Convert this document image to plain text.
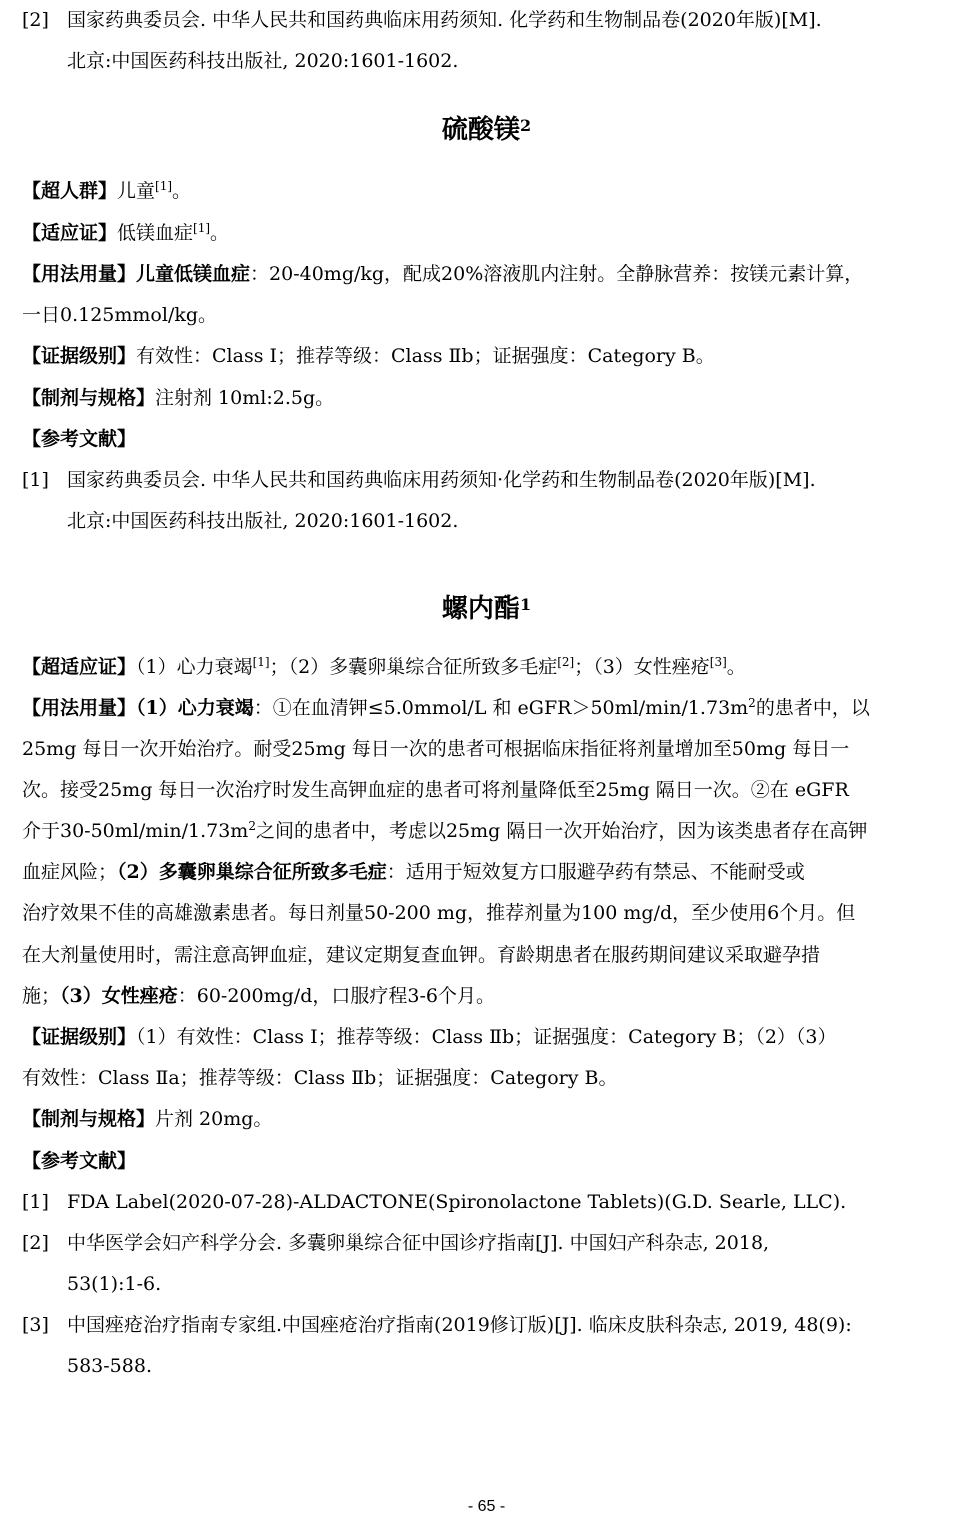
[2] 国家药典委员会. 中华人民共和国药典临床用药须知. 化学药和生物制品卷(2020年版)[M].
北京:中国医药科技出版社, 2020:1601-1602.
硫酸镁$^2$
【超人群】儿童[1]。
【适应证】低镁血症[1]。
【用法用量】儿童低镁血症：20-40mg/kg，配成20%溶液肌内注射。全静脉营养：按镁元素计算，
一日0.125mmol/kg。
【证据级别】有效性：Class I；推荐等级：Class Ⅱb；证据强度：Category B。
【制剂与规格】注射剂 10ml:2.5g。
【参考文献】
[1] 国家药典委员会. 中华人民共和国药典临床用药须知·化学药和生物制品卷(2020年版)[M].
北京:中国医药科技出版社, 2020:1601-1602.
螺内酯$^1$
【超适应证】（1）心力衰竭[1]；（2）多囊卵巢综合征所致多毛症[2]；（3）女性痤疮[3]。
【用法用量】（1）心力衰竭：①在血清钾≤5.0mmol/L 和 $eGFR>50ml/\min/1.73m^2$的患者中，以
25mg 每日一次开始治疗。耐受25mg 每日一次的患者可根据临床指征将剂量增加至50mg 每日一
次。接受25mg 每日一次治疗时发生高钾血症的患者可将剂量降低至25mg 隔日一次。②在 eGFR
介于$30-50ml/\min/1.73m^2$之间的患者中，考虑以25mg 隔日一次开始治疗，因为该类患者存在高钾
血症风险；（2）多囊卵巢综合征所致多毛症：适用于短效复方口服避孕药有禁忌、不能耐受或
治疗效果不佳的高雄激素患者。每日剂量50-200 mg，推荐剂量为100 mg/d，至少使用6个月。但
在大剂量使用时，需注意高钾血症，建议定期复查血钾。育龄期患者在服药期间建议采取避孕措
施；（3）女性痤疮：60-200mg/d，口服疗程3-6个月。
【证据级别】（1）有效性：Class Ⅰ；推荐等级：Class Ⅱb；证据强度：Category B；（2）（3）
有效性：Class Ⅱa；推荐等级：Class Ⅱb；证据强度：Category B。
【制剂与规格】片剂 20mg。
【参考文献】
[1] FDA Label(2020-07-28)-ALDACTONE(Spironolactone Tablets)(G.D. Searle, LLC).
[2] 中华医学会妇产科学分会. 多囊卵巢综合征中国诊疗指南[J]. 中国妇产科杂志, 2018,
53(1):1-6.
[3] 中国痤疮治疗指南专家组.中国痤疮治疗指南(2019修订版)[J]. 临床皮肤科杂志, 2019, 48(9):
583-588.
- 65 -
